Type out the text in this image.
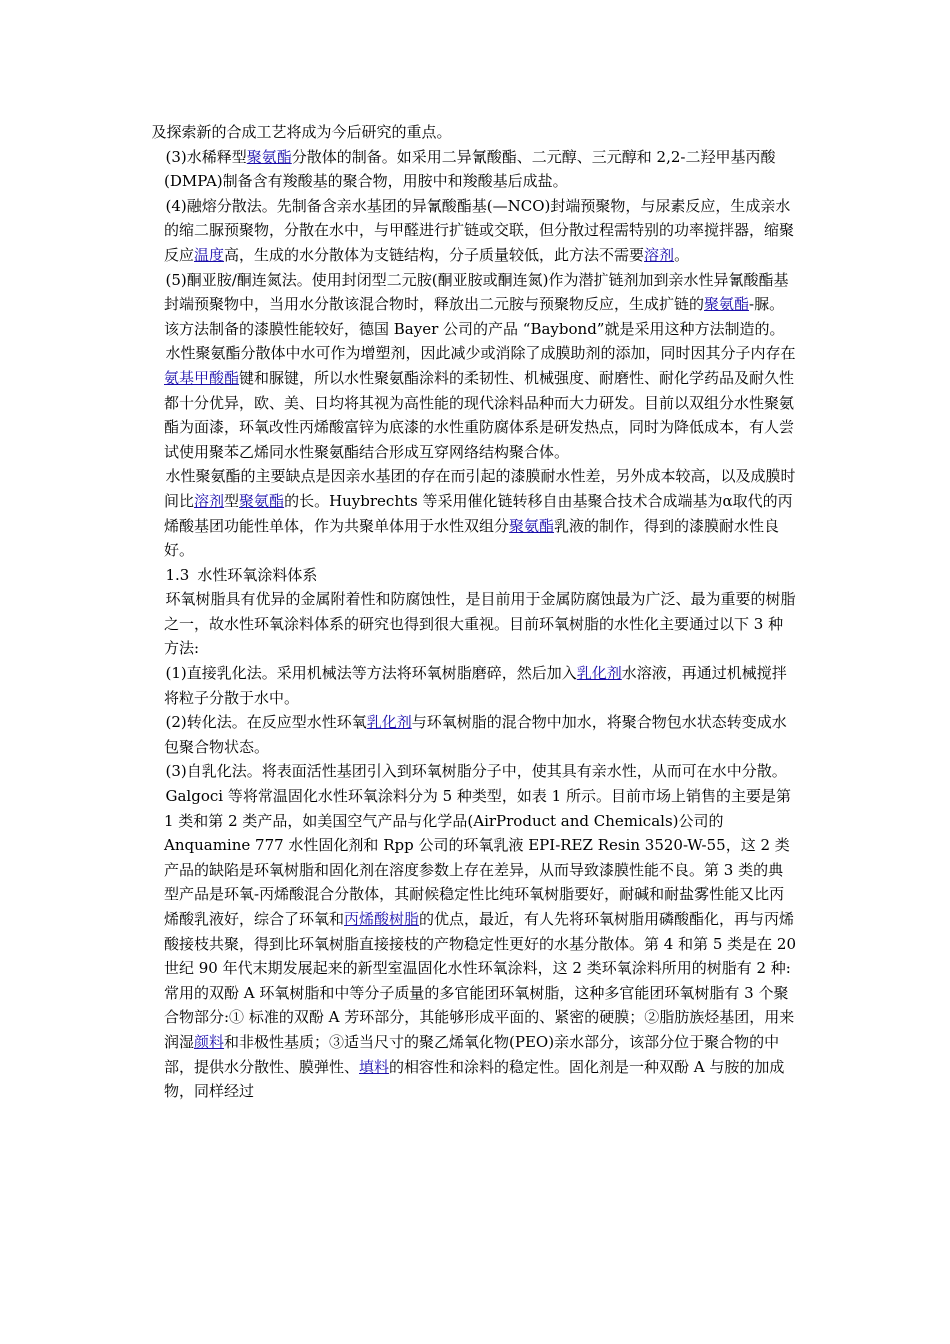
及探索新的合成工艺将成为今后研究的重点。

(3)水稀释型聚氨酯分散体的制备。如采用二异氰酸酯、二元醇、三元醇和 2,2-二羟甲基丙酸(DMPA)制备含有羧酸基的聚合物，用胺中和羧酸基后成盐。

(4)融熔分散法。先制备含亲水基团的异氰酸酯基(—NCO)封端预聚物，与尿素反应，生成亲水的缩二脲预聚物，分散在水中，与甲醛进行扩链或交联，但分散过程需特别的功率搅拌器，缩聚反应温度高，生成的水分散体为支链结构，分子质量较低，此方法不需要溶剂。

(5)酮亚胺/酮连氮法。使用封闭型二元胺(酮亚胺或酮连氮)作为潜扩链剂加到亲水性异氰酸酯基封端预聚物中，当用水分散该混合物时，释放出二元胺与预聚物反应，生成扩链的聚氨酯-脲。该方法制备的漆膜性能较好，德国 Bayer 公司的产品 “Baybond”就是采用这种方法制造的。

水性聚氨酯分散体中水可作为增塑剂，因此减少或消除了成膜助剂的添加，同时因其分子内存在氨基甲酸酯键和脲键，所以水性聚氨酯涂料的柔韧性、机械强度、耐磨性、耐化学药品及耐久性都十分优异，欧、美、日均将其视为高性能的现代涂料品种而大力研发。目前以双组分水性聚氨酯为面漆，环氧改性丙烯酸富锌为底漆的水性重防腐体系是研发热点，同时为降低成本，有人尝试使用聚苯乙烯同水性聚氨酯结合形成互穿网络结构聚合体。

水性聚氨酯的主要缺点是因亲水基团的存在而引起的漆膜耐水性差，另外成本较高，以及成膜时间比溶剂型聚氨酯的长。Huybrechts 等采用催化链转移自由基聚合技术合成端基为α取代的丙烯酸基团功能性单体，作为共聚单体用于水性双组分聚氨酯乳液的制作，得到的漆膜耐水性良好。

1.3 水性环氧涂料体系

环氧树脂具有优异的金属附着性和防腐蚀性，是目前用于金属防腐蚀最为广泛、最为重要的树脂之一，故水性环氧涂料体系的研究也得到很大重视。目前环氧树脂的水性化主要通过以下 3 种方法:

(1)直接乳化法。采用机械法等方法将环氧树脂磨碎，然后加入乳化剂水溶液，再通过机械搅拌将粒子分散于水中。

(2)转化法。在反应型水性环氧乳化剂与环氧树脂的混合物中加水，将聚合物包水状态转变成水包聚合物状态。

(3)自乳化法。将表面活性基团引入到环氧树脂分子中，使其具有亲水性，从而可在水中分散。

Galgoci 等将常温固化水性环氧涂料分为 5 种类型，如表 1 所示。目前市场上销售的主要是第 1 类和第 2 类产品，如美国空气产品与化学品(AirProduct and Chemicals)公司的 Anquamine 777 水性固化剂和 Rpp 公司的环氧乳液 EPI-REZ Resin 3520-W-55，这 2 类产品的缺陷是环氧树脂和固化剂在溶度参数上存在差异，从而导致漆膜性能不良。第 3 类的典型产品是环氧-丙烯酸混合分散体，其耐候稳定性比纯环氧树脂要好，耐碱和耐盐雾性能又比丙烯酸乳液好，综合了环氧和丙烯酸树脂的优点，最近，有人先将环氧树脂用磷酸酯化，再与丙烯酸接枝共聚，得到比环氧树脂直接接枝的产物稳定性更好的水基分散体。第 4 和第 5 类是在 20 世纪 90 年代末期发展起来的新型室温固化水性环氧涂料，这 2 类环氧涂料所用的树脂有 2 种:常用的双酚 A 环氧树脂和中等分子质量的多官能团环氧树脂，这种多官能团环氧树脂有 3 个聚合物部分:① 标准的双酚 A 芳环部分，其能够形成平面的、紧密的硬膜；②脂肪族烃基团，用来润湿颜料和非极性基质；③适当尺寸的聚乙烯氧化物(PEO)亲水部分，该部分位于聚合物的中部，提供水分散性、膜弹性、填料的相容性和涂料的稳定性。固化剂是一种双酚 A 与胺的加成物，同样经过
